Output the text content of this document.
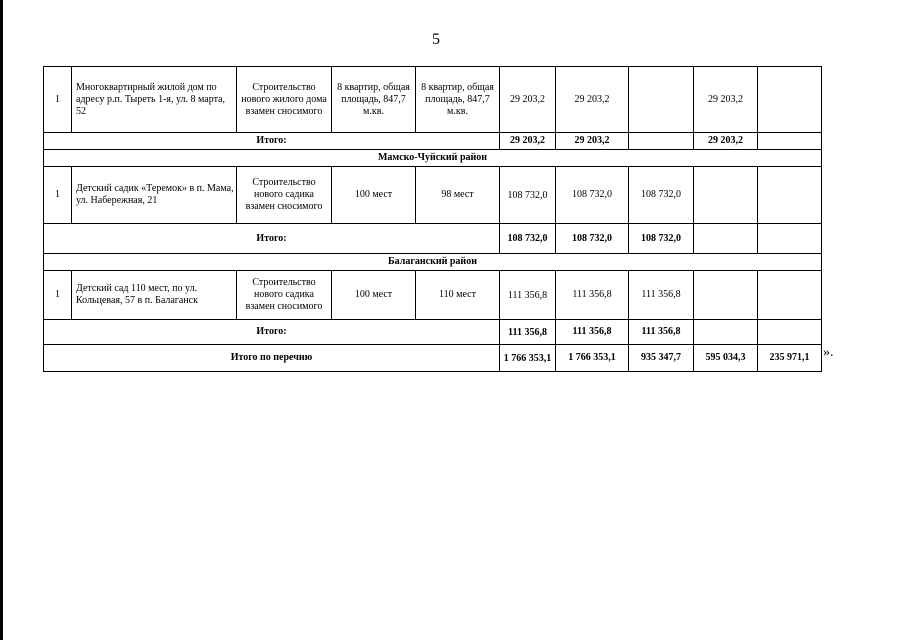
5
1	Многоквартирный жилой дом по адресу р.п. Тыреть 1-я, ул. 8 марта, 52	Строительство нового жилого дома взамен сносимого	8 квартир, общая площадь, 847,7 м.кв.	8 квартир, общая площадь, 847,7 м.кв.	29 203,2	29 203,2		29 203,2	
Итого:					29 203,2	29 203,2		29 203,2	
Мамско-Чуйский район									
1	Детский садик «Теремок» в п. Мама, ул. Набережная, 21	Строительство нового садика взамен сносимого	100 мест	98 мест	108 732,0	108 732,0	108 732,0		
Итого:					108 732,0	108 732,0	108 732,0		
Балаганский район									
1	Детский сад 110 мест, по ул. Кольцевая, 57 в п. Балаганск	Строительство нового садика взамен сносимого	100 мест	110 мест	111 356,8	111 356,8	111 356,8		
Итого:					111 356,8	111 356,8	111 356,8		
Итого по перечню					1 766 353,1	1 766 353,1	935 347,7	595 034,3	235 971,1 ».
